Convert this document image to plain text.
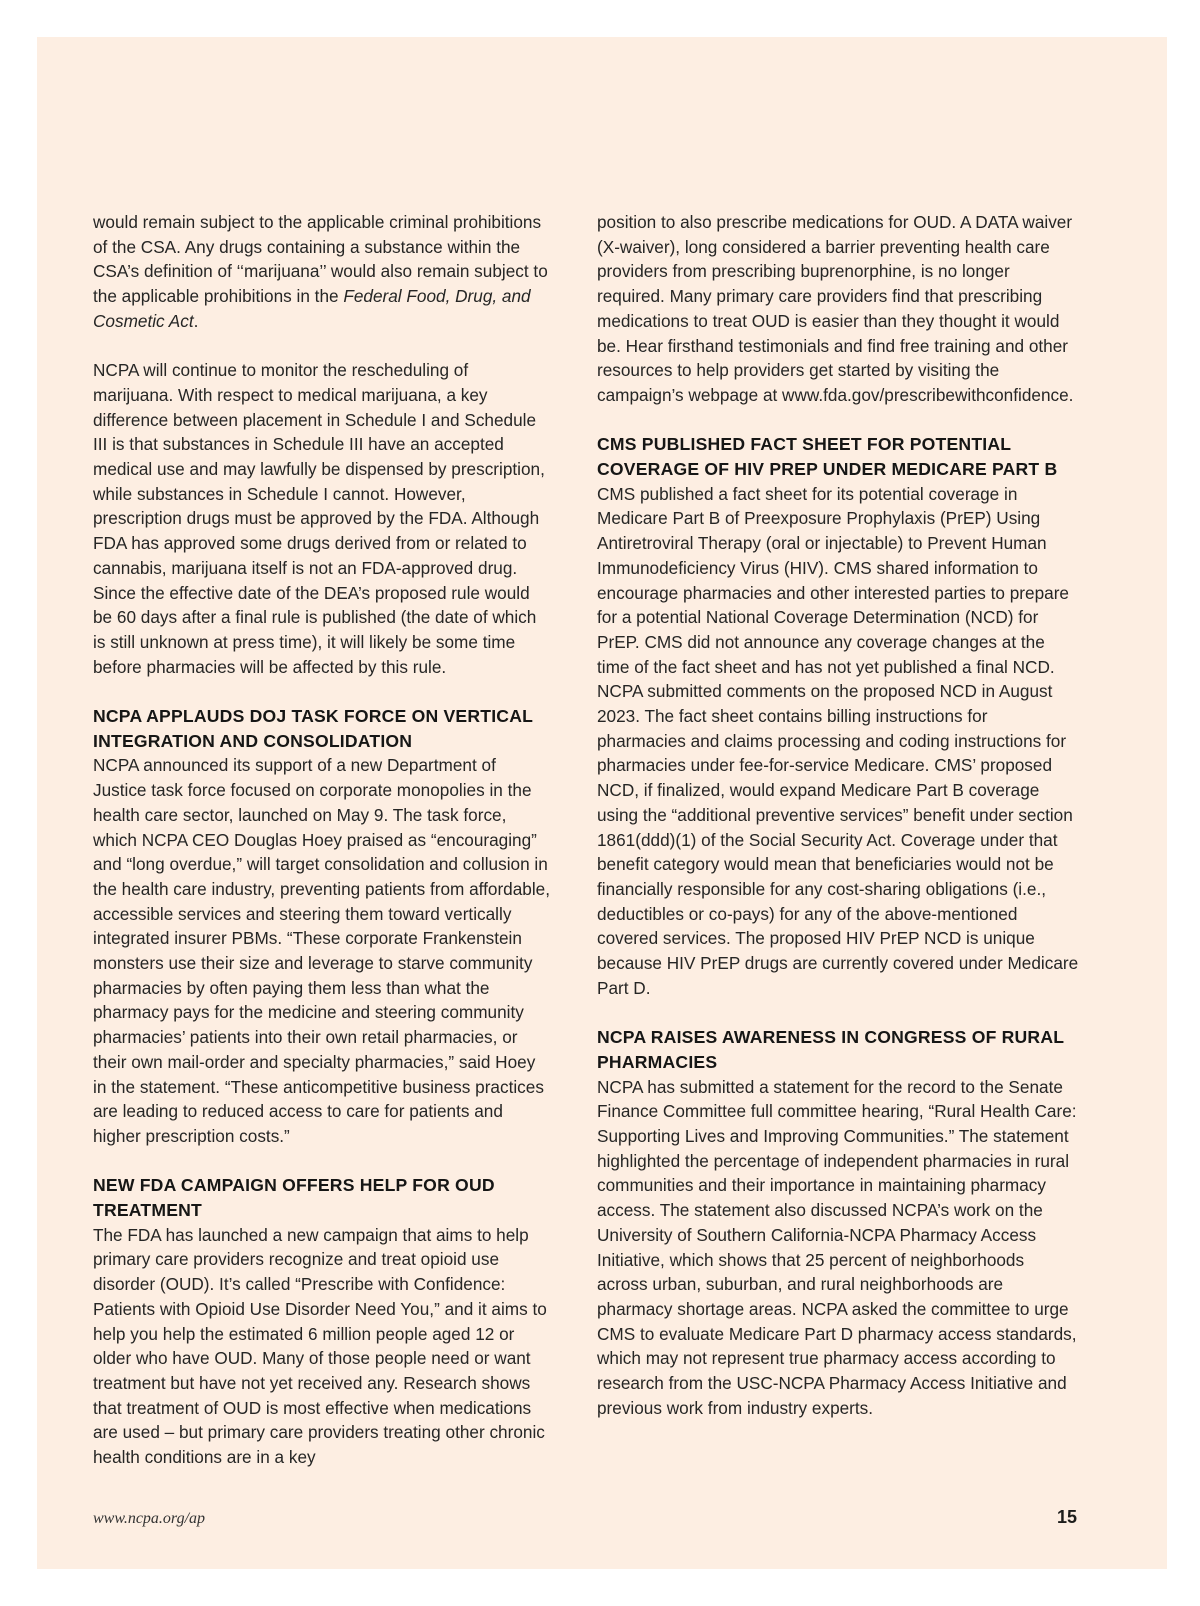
would remain subject to the applicable criminal prohibitions of the CSA. Any drugs containing a substance within the CSA’s definition of ‘‘marijuana’’ would also remain subject to the applicable prohibitions in the Federal Food, Drug, and Cosmetic Act.

NCPA will continue to monitor the rescheduling of marijuana. With respect to medical marijuana, a key difference between placement in Schedule I and Schedule III is that substances in Schedule III have an accepted medical use and may lawfully be dispensed by prescription, while substances in Schedule I cannot. However, prescription drugs must be approved by the FDA. Although FDA has approved some drugs derived from or related to cannabis, marijuana itself is not an FDA-approved drug. Since the effective date of the DEA’s proposed rule would be 60 days after a final rule is published (the date of which is still unknown at press time), it will likely be some time before pharmacies will be affected by this rule.

NCPA APPLAUDS DOJ TASK FORCE ON VERTICAL INTEGRATION AND CONSOLIDATION

NCPA announced its support of a new Department of Justice task force focused on corporate monopolies in the health care sector, launched on May 9. The task force, which NCPA CEO Douglas Hoey praised as “encouraging” and “long overdue,” will target consolidation and collusion in the health care industry, preventing patients from affordable, accessible services and steering them toward vertically integrated insurer PBMs. “These corporate Frankenstein monsters use their size and leverage to starve community pharmacies by often paying them less than what the pharmacy pays for the medicine and steering community pharmacies’ patients into their own retail pharmacies, or their own mail-order and specialty pharmacies,” said Hoey in the statement. “These anticompetitive business practices are leading to reduced access to care for patients and higher prescription costs.”

NEW FDA CAMPAIGN OFFERS HELP FOR OUD TREATMENT

The FDA has launched a new campaign that aims to help primary care providers recognize and treat opioid use disorder (OUD). It’s called “Prescribe with Confidence: Patients with Opioid Use Disorder Need You,” and it aims to help you help the estimated 6 million people aged 12 or older who have OUD. Many of those people need or want treatment but have not yet received any. Research shows that treatment of OUD is most effective when medications are used – but primary care providers treating other chronic health conditions are in a key

position to also prescribe medications for OUD. A DATA waiver (X-waiver), long considered a barrier preventing health care providers from prescribing buprenorphine, is no longer required. Many primary care providers find that prescribing medications to treat OUD is easier than they thought it would be. Hear firsthand testimonials and find free training and other resources to help providers get started by visiting the campaign’s webpage at www.fda.gov/prescribewithconfidence.

CMS PUBLISHED FACT SHEET FOR POTENTIAL COVERAGE OF HIV PREP UNDER MEDICARE PART B

CMS published a fact sheet for its potential coverage in Medicare Part B of Preexposure Prophylaxis (PrEP) Using Antiretroviral Therapy (oral or injectable) to Prevent Human Immunodeficiency Virus (HIV). CMS shared information to encourage pharmacies and other interested parties to prepare for a potential National Coverage Determination (NCD) for PrEP. CMS did not announce any coverage changes at the time of the fact sheet and has not yet published a final NCD. NCPA submitted comments on the proposed NCD in August 2023. The fact sheet contains billing instructions for pharmacies and claims processing and coding instructions for pharmacies under fee-for-service Medicare. CMS’ proposed NCD, if finalized, would expand Medicare Part B coverage using the “additional preventive services” benefit under section 1861(ddd)(1) of the Social Security Act. Coverage under that benefit category would mean that beneficiaries would not be financially responsible for any cost-sharing obligations (i.e., deductibles or co-pays) for any of the above-mentioned covered services. The proposed HIV PrEP NCD is unique because HIV PrEP drugs are currently covered under Medicare Part D.

NCPA RAISES AWARENESS IN CONGRESS OF RURAL PHARMACIES

NCPA has submitted a statement for the record to the Senate Finance Committee full committee hearing, “Rural Health Care: Supporting Lives and Improving Communities.” The statement highlighted the percentage of independent pharmacies in rural communities and their importance in maintaining pharmacy access. The statement also discussed NCPA’s work on the University of Southern California-NCPA Pharmacy Access Initiative, which shows that 25 percent of neighborhoods across urban, suburban, and rural neighborhoods are pharmacy shortage areas. NCPA asked the committee to urge CMS to evaluate Medicare Part D pharmacy access standards, which may not represent true pharmacy access according to research from the USC-NCPA Pharmacy Access Initiative and previous work from industry experts.

www.ncpa.org/ap	15
